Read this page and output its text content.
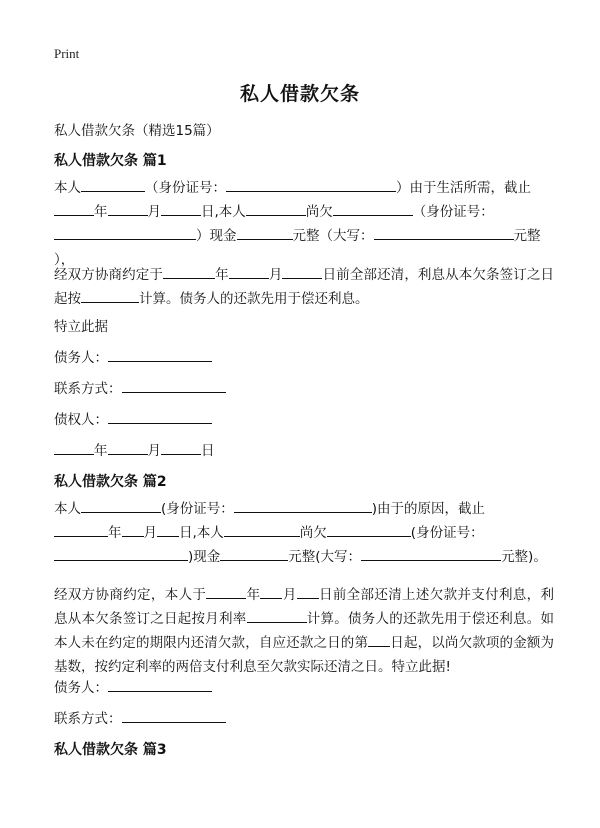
Print
私人借款欠条
私人借款欠条（精选15篇）
私人借款欠条 篇1

本人	（身份证号：	）由于生活所需，截止
年	月	日,本人	尚欠	（身份证号：
）现金	元整（大写：	元整
），

经双方协商约定于	年	月	日前全部还清，利息从本欠条签订之日起按	计算。债务人的还款先用于偿还利息。

特立此据
债务人：
联系方式：
债权人：
年	月	日
私人借款欠条 篇2

本人	(身份证号：	)由于的原因，截止
年 月 日,本人	尚欠	(身份证号：
)现金	元整(大写：	元整)。

经双方协商约定，本人于	年 月 日前全部还清上述欠款并支付利息，利息从本欠条签订之日起按月利率	计算。债务人的还款先用于偿还利息。如本人未在约定的期限内还清欠款，自应还款之日的第 日起，以尚欠款项的金额为基数，按约定利率的两倍支付利息至欠款实际还清之日。特立此据!

债务人：
联系方式：
私人借款欠条 篇3
